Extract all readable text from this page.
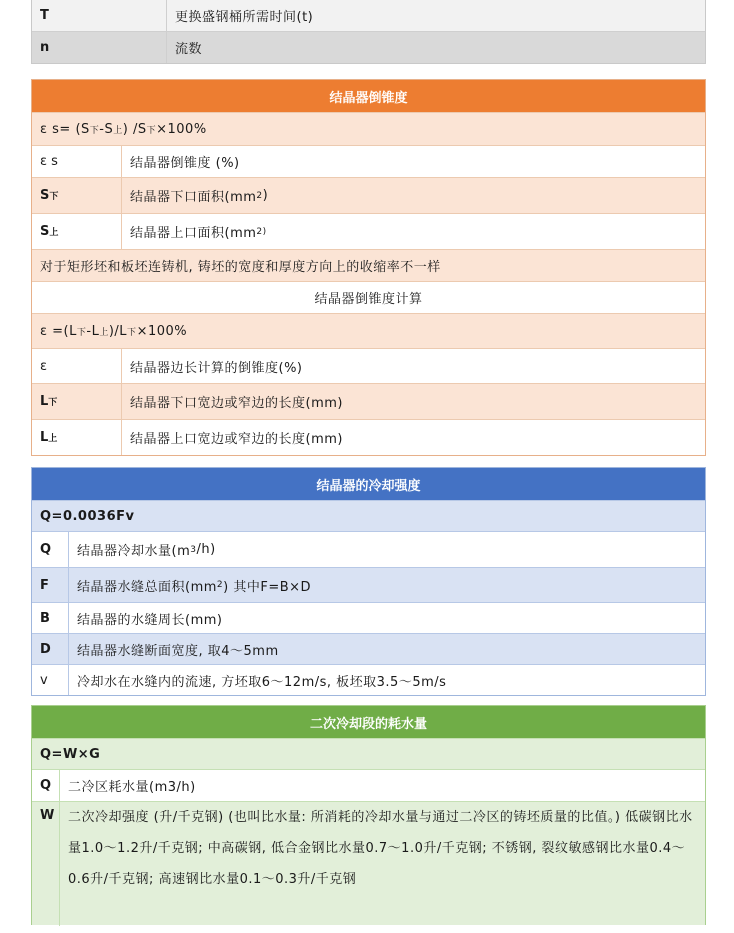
T	更换盛钢桶所需时间(t)
n	流数
结晶器倒锥度
ε s= (S 下 -S 上 ) /S 下 ×100%
ε s	结晶器倒锥度 (%)
S 下	结晶器下口面积(mm 2 )
S 上	结晶器上口面积(mm 2)
对于矩形坯和板坯连铸机, 铸坯的宽度和厚度方向上的收缩率不一样
结晶器倒锥度计算
ε =(L 下 -L 上 )/L 下 ×100%
ε	结晶器边长计算的倒锥度(%)
L 下	结晶器下口宽边或窄边的长度(mm)
L 上	结晶器上口宽边或窄边的长度(mm)
结晶器的冷却强度
Q=0.0036Fv
Q	结晶器冷却水量(m 3 /h)
F	结晶器水缝总面积(mm 2 ) 其中F=B×D
B	结晶器的水缝周长(mm)
D	结晶器水缝断面宽度, 取4～5mm
v	冷却水在水缝内的流速, 方坯取6～12m/s, 板坯取3.5～5m/s
二次冷却段的耗水量
Q=W×G
Q	二冷区耗水量(m3/h)
W	二次冷却强度 (升/千克钢) (也叫比水量: 所消耗的冷却水量与通过二冷区的铸坯质量的比值。) 低碳钢比水量1.0～1.2升/千克钢; 中高碳钢, 低合金钢比水量0.7～1.0升/千克钢; 不锈钢, 裂纹敏感钢比水量0.4～0.6升/千克钢; 高速钢比水量0.1～0.3升/千克钢
